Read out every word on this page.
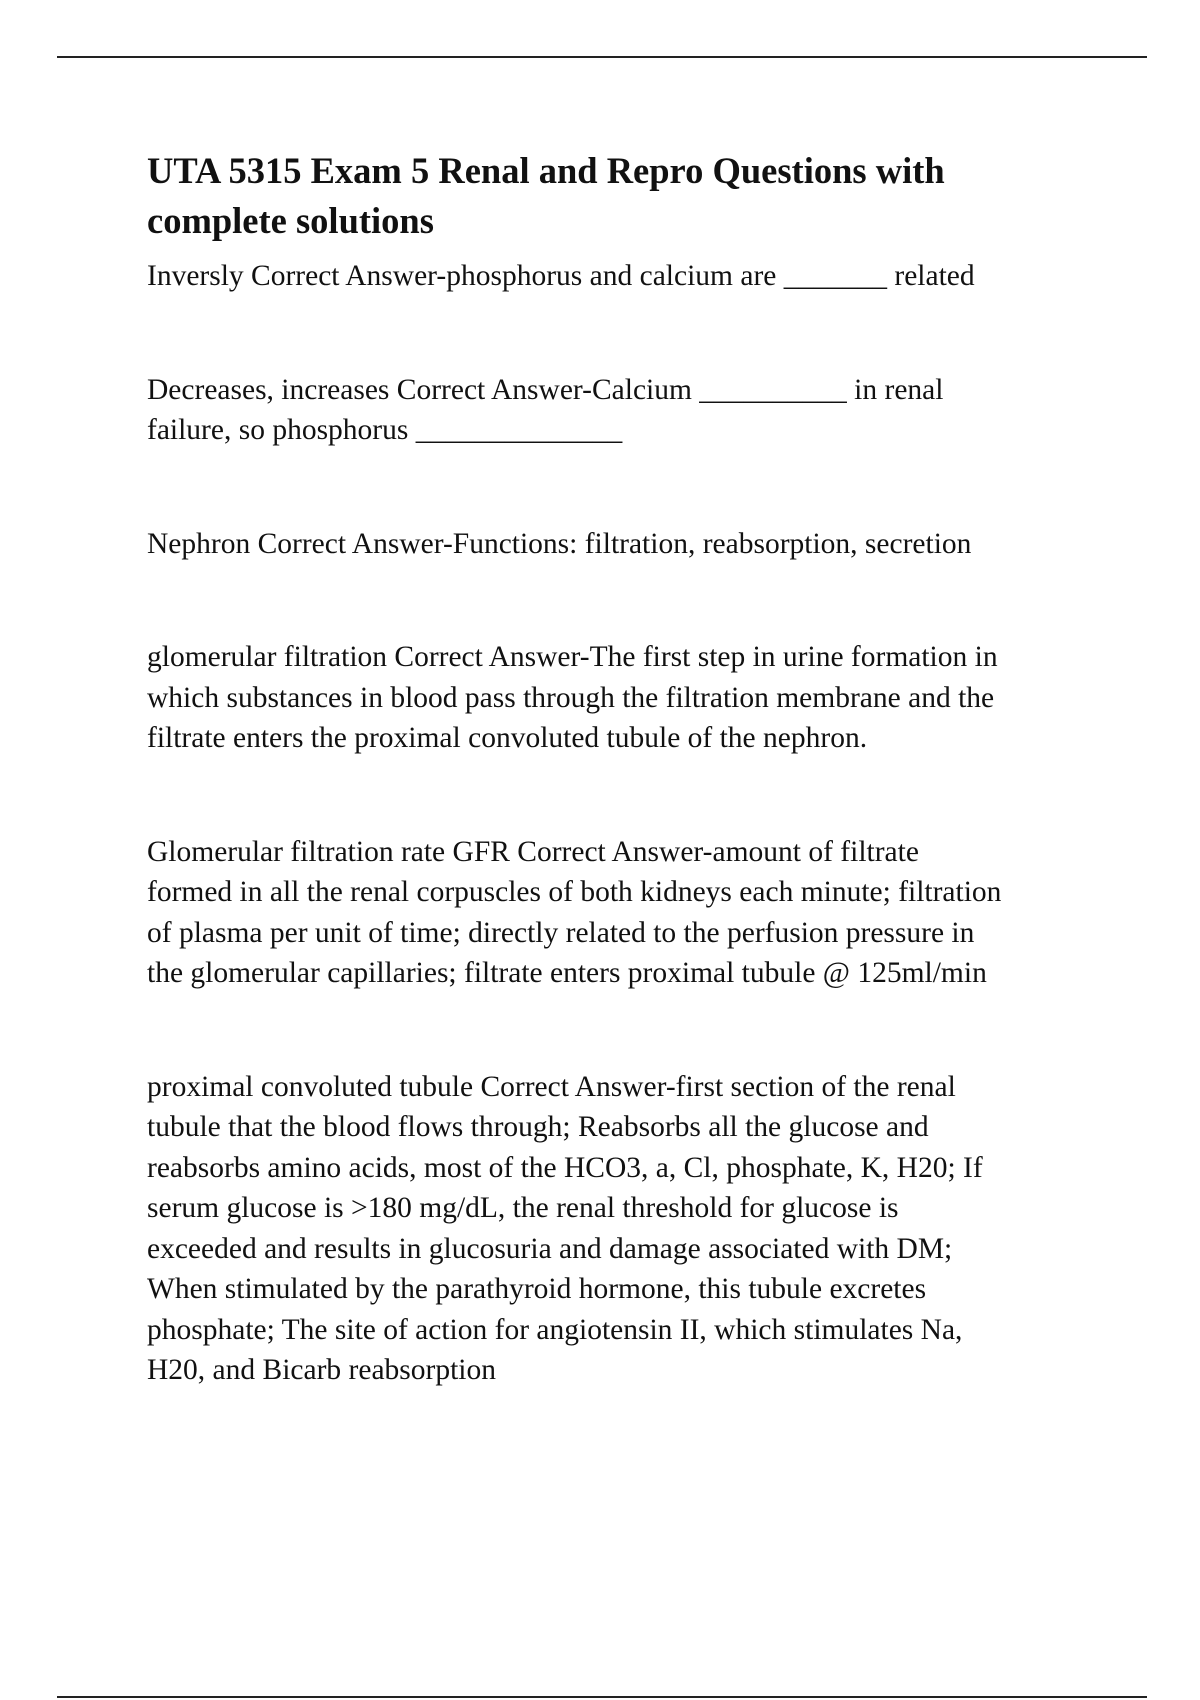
UTA 5315 Exam 5 Renal and Repro Questions with
complete solutions

Inversly Correct Answer-phosphorus and calcium are _______ related

Decreases, increases Correct Answer-Calcium __________ in renal
failure, so phosphorus ______________

Nephron Correct Answer-Functions: filtration, reabsorption, secretion

glomerular filtration Correct Answer-The first step in urine formation in
which substances in blood pass through the filtration membrane and the
filtrate enters the proximal convoluted tubule of the nephron.

Glomerular filtration rate GFR Correct Answer-amount of filtrate
formed in all the renal corpuscles of both kidneys each minute; filtration
of plasma per unit of time; directly related to the perfusion pressure in
the glomerular capillaries; filtrate enters proximal tubule @ 125ml/min

proximal convoluted tubule Correct Answer-first section of the renal
tubule that the blood flows through; Reabsorbs all the glucose and
reabsorbs amino acids, most of the HCO3, a, Cl, phosphate, K, H20; If
serum glucose is >180 mg/dL, the renal threshold for glucose is
exceeded and results in glucosuria and damage associated with DM;
When stimulated by the parathyroid hormone, this tubule excretes
phosphate; The site of action for angiotensin II, which stimulates Na,
H20, and Bicarb reabsorption
